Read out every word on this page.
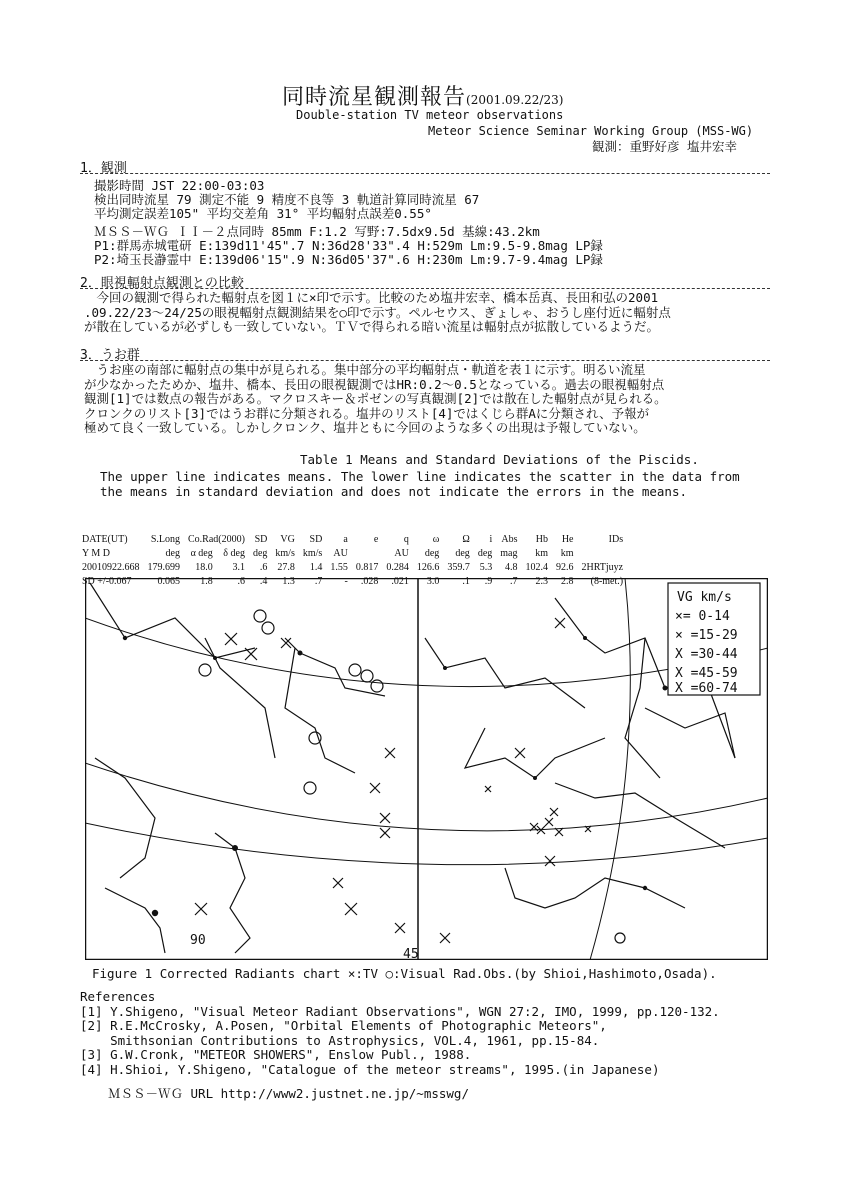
同時流星観測報告(2001.09.22/23)
Double-station TV meteor observations
Meteor Science Seminar Working Group (MSS-WG)
観測：重野好彦 塩井宏幸
1．観測
撮影時間 JST 22:00-03:03
検出同時流星 79 測定不能 9 精度不良等 3 軌道計算同時流星 67
平均測定誤差105" 平均交差角 31° 平均輻射点誤差0.55°
ＭＳＳ－ＷＧ ＩＩ－２点同時 85mm F:1.2 写野:7.5dx9.5d 基線:43.2km
P1:群馬赤城電研 E:139d11'45".7 N:36d28'33".4 H:529m Lm:9.5-9.8mag LP録
P2:埼玉長瀞霊中 E:139d06'15".9 N:36d05'37".6 H:230m Lm:9.7-9.4mag LP録
2．眼視輻射点観測との比較

　今回の観測で得られた輻射点を図１に×印で示す。比較のため塩井宏幸、橋本岳真、長田和弘の2001

.09.22/23～24/25の眼視輻射点観測結果を○印で示す。ペルセウス、ぎょしゃ、おうし座付近に輻射点

が散在しているが必ずしも一致していない。ＴＶで得られる暗い流星は輻射点が拡散しているようだ。

3．うお群

　うお座の南部に輻射点の集中が見られる。集中部分の平均輻射点・軌道を表１に示す。明るい流星

が少なかったためか、塩井、橋本、長田の眼視観測ではHR:0.2～0.5となっている。過去の眼視輻射点

観測[1]では数点の報告がある。マクロスキー＆ポゼンの写真観測[2]では散在した輻射点が見られる。

クロンクのリスト[3]ではうお群に分類される。塩井のリスト[4]ではくじら群Aに分類され、予報が

極めて良く一致している。しかしクロンク、塩井ともに今回のような多くの出現は予報していない。

Table 1 Means and Standard Deviations of the Piscids.
The upper line indicates means. The lower line indicates the scatter in the data from
the means in standard deviation and does not indicate the errors in the means.
DATE(UT)	S.Long	Co.Rad(2000)		SD	VG	SD	a	e	q	ω	Ω	i	Abs	Hb	He	IDs
Y M D	deg	α deg	δ deg	deg	km/s	km/s	AU		AU	deg	deg	deg	mag	km	km	
20010922.668	179.699	18.0	3.1	.6	27.8	1.4	1.55	0.817	0.284	126.6	359.7	5.3	4.8	102.4	92.6	2HRTjuyz
SD +/-0.067	0.065	1.8	.6	.4	1.3	.7	-	.028	.021	3.0	.1	.9	.7	2.3	2.8	(8-met.)
VG km/s
×= 0-14
× =15-29
X =30-44
X =45-59
X =60-74
90
45
Figure 1 Corrected Radiants chart ×:TV ○:Visual Rad.Obs.(by Shioi,Hashimoto,Osada).
References
[1] Y.Shigeno, "Visual Meteor Radiant Observations", WGN 27:2, IMO, 1999, pp.120-132.
[2] R.E.McCrosky, A.Posen, "Orbital Elements of Photographic Meteors",
Smithsonian Contributions to Astrophysics, VOL.4, 1961, pp.15-84.
[3] G.W.Cronk, "METEOR SHOWERS", Enslow Publ., 1988.
[4] H.Shioi, Y.Shigeno, "Catalogue of the meteor streams", 1995.(in Japanese)
ＭＳＳ－ＷＧ URL http://www2.justnet.ne.jp/~msswg/
